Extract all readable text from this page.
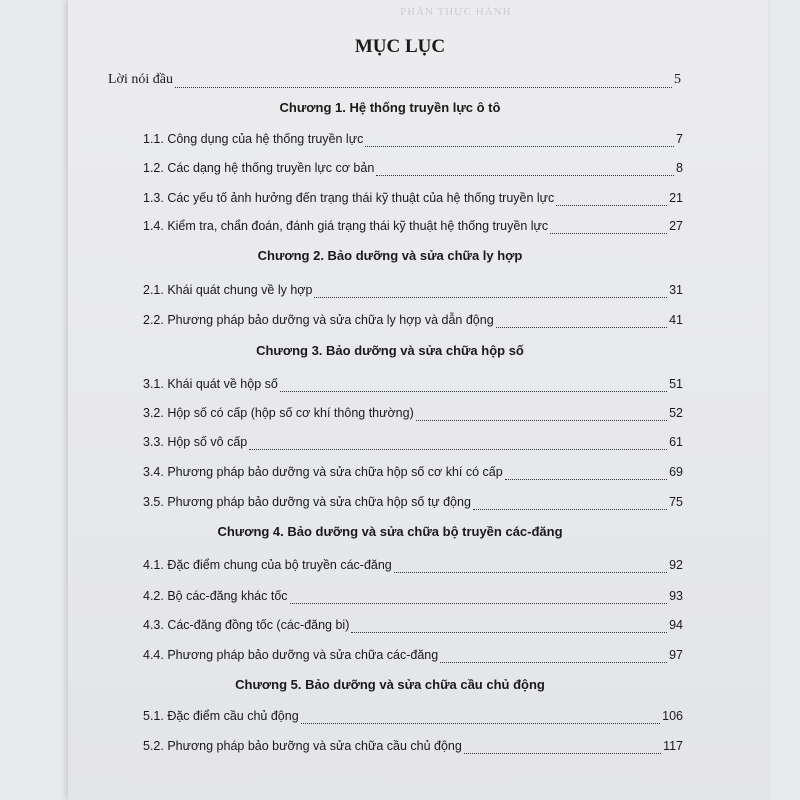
PHẦN THỰC HÀNH
MỤC LỤC
Lời nói đầu	5
Chương 1. Hệ thống truyền lực ô tô
1.1. Công dụng của hệ thống truyền lực	7
1.2. Các dạng hệ thống truyền lực cơ bản	8
1.3. Các yếu tố ảnh hưởng đến trạng thái kỹ thuật của hệ thống truyền lực	21
1.4. Kiểm tra, chẩn đoán, đánh giá trạng thái kỹ thuật hệ thống truyền lực	27
Chương 2. Bảo dưỡng và sửa chữa ly hợp
2.1. Khái quát chung về ly hợp	31
2.2. Phương pháp bảo dưỡng và sửa chữa ly hợp và dẫn động	41
Chương 3. Bảo dưỡng và sửa chữa hộp số
3.1. Khái quát về hộp số	51
3.2. Hộp số có cấp (hộp số cơ khí thông thường)	52
3.3. Hộp số vô cấp	61
3.4. Phương pháp bảo dưỡng và sửa chữa hộp số cơ khí có cấp	69
3.5. Phương pháp bảo dưỡng và sửa chữa hộp số tự động	75
Chương 4. Bảo dưỡng và sửa chữa bộ truyền các-đăng
4.1. Đặc điểm chung của bộ truyền các-đăng	92
4.2. Bộ các-đăng khác tốc	93
4.3. Các-đăng đồng tốc (các-đăng bi)	94
4.4. Phương pháp bảo dưỡng và sửa chữa các-đăng	97
Chương 5. Bảo dưỡng và sửa chữa cầu chủ động
5.1. Đặc điểm cầu chủ động	106
5.2. Phương pháp bảo bưỡng và sửa chữa cầu chủ động	117
